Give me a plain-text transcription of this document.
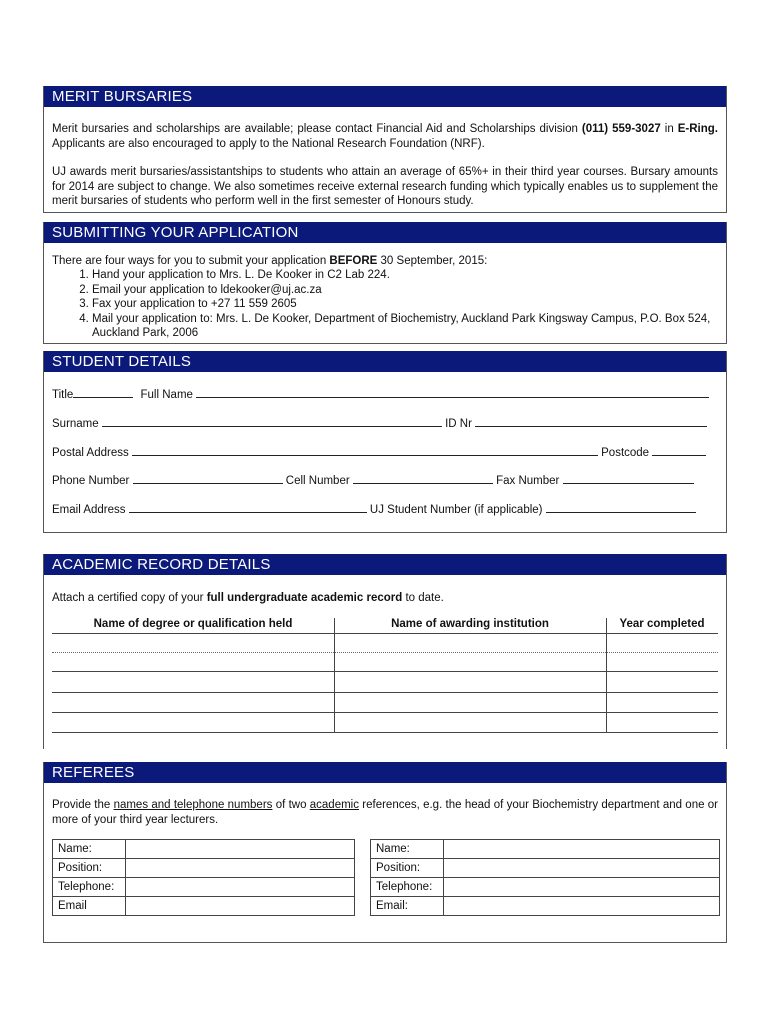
MERIT BURSARIES
Merit bursaries and scholarships are available; please contact Financial Aid and Scholarships division (011) 559-3027 in E-Ring. Applicants are also encouraged to apply to the National Research Foundation (NRF).
UJ awards merit bursaries/assistantships to students who attain an average of 65%+ in their third year courses. Bursary amounts for 2014 are subject to change. We also sometimes receive external research funding which typically enables us to supplement the merit bursaries of students who perform well in the first semester of Honours study.
SUBMITTING YOUR APPLICATION
There are four ways for you to submit your application BEFORE 30 September, 2015:
1. Hand your application to Mrs. L. De Kooker in C2 Lab 224.
2. Email your application to ldekooker@uj.ac.za
3. Fax your application to +27 11 559 2605
4. Mail your application to: Mrs. L. De Kooker, Department of Biochemistry, Auckland Park Kingsway Campus, P.O. Box 524, Auckland Park, 2006
STUDENT DETAILS
Title	Full Name
Surname	ID Nr
Postal Address	Postcode
Phone Number	Cell Number	Fax Number
Email Address	UJ Student Number (if applicable)
ACADEMIC RECORD DETAILS
Attach a certified copy of your full undergraduate academic record to date.
Name of degree or qualification held	Name of awarding institution	Year completed
REFEREES
Provide the names and telephone numbers of two academic references, e.g. the head of your Biochemistry department and one or more of your third year lecturers.
Name:	
Position:	
Telephone:	
Email	
Name:	
Position:	
Telephone:	
Email:	
